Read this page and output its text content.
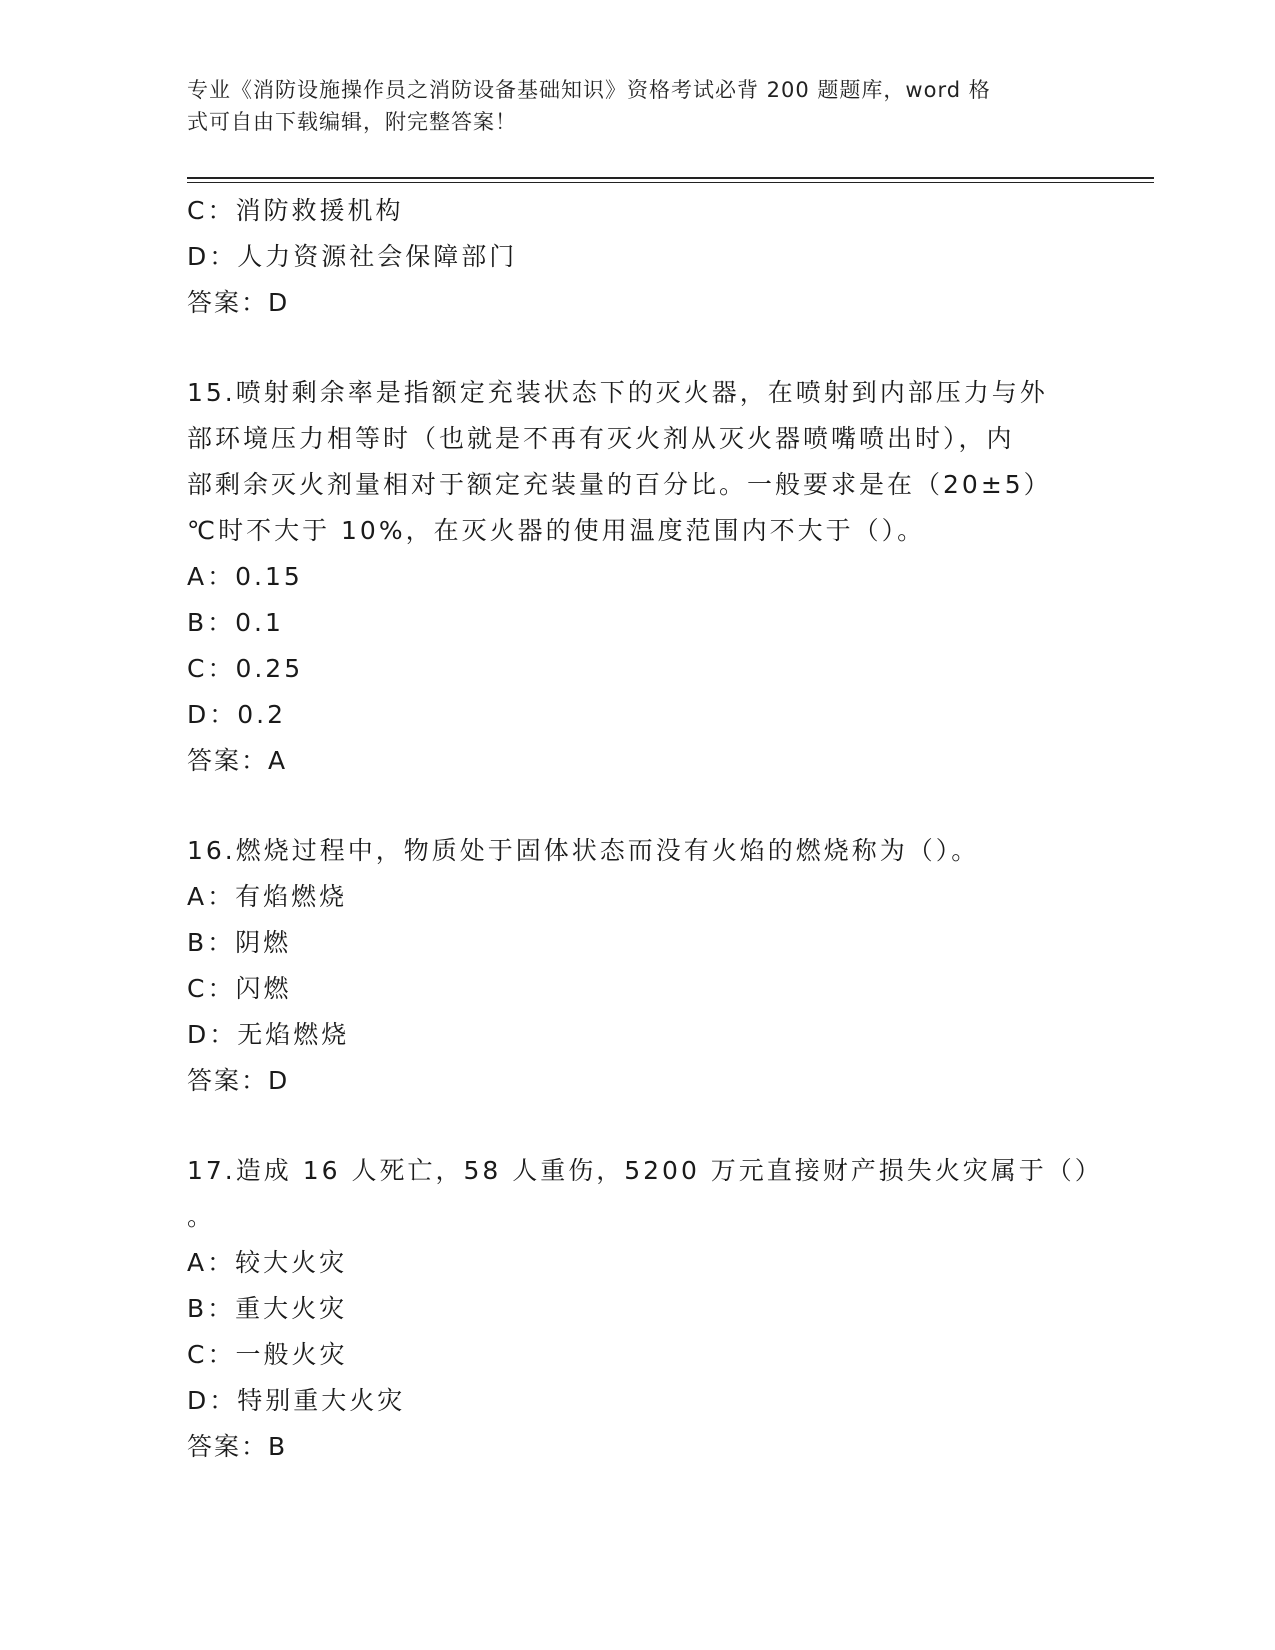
专业《消防设施操作员之消防设备基础知识》资格考试必背 200 题题库，word 格
式可自由下载编辑，附完整答案！
C：消防救援机构
D：人力资源社会保障部门
答案：D
15.喷射剩余率是指额定充装状态下的灭火器，在喷射到内部压力与外
部环境压力相等时（也就是不再有灭火剂从灭火器喷嘴喷出时），内
部剩余灭火剂量相对于额定充装量的百分比。一般要求是在（20±5）
℃时不大于 10%，在灭火器的使用温度范围内不大于（）。
A：0.15
B：0.1
C：0.25
D：0.2
答案：A
16.燃烧过程中，物质处于固体状态而没有火焰的燃烧称为（）。
A：有焰燃烧
B：阴燃
C：闪燃
D：无焰燃烧
答案：D
17.造成 16 人死亡，58 人重伤，5200 万元直接财产损失火灾属于（）
。
A：较大火灾
B：重大火灾
C：一般火灾
D：特别重大火灾
答案：B
